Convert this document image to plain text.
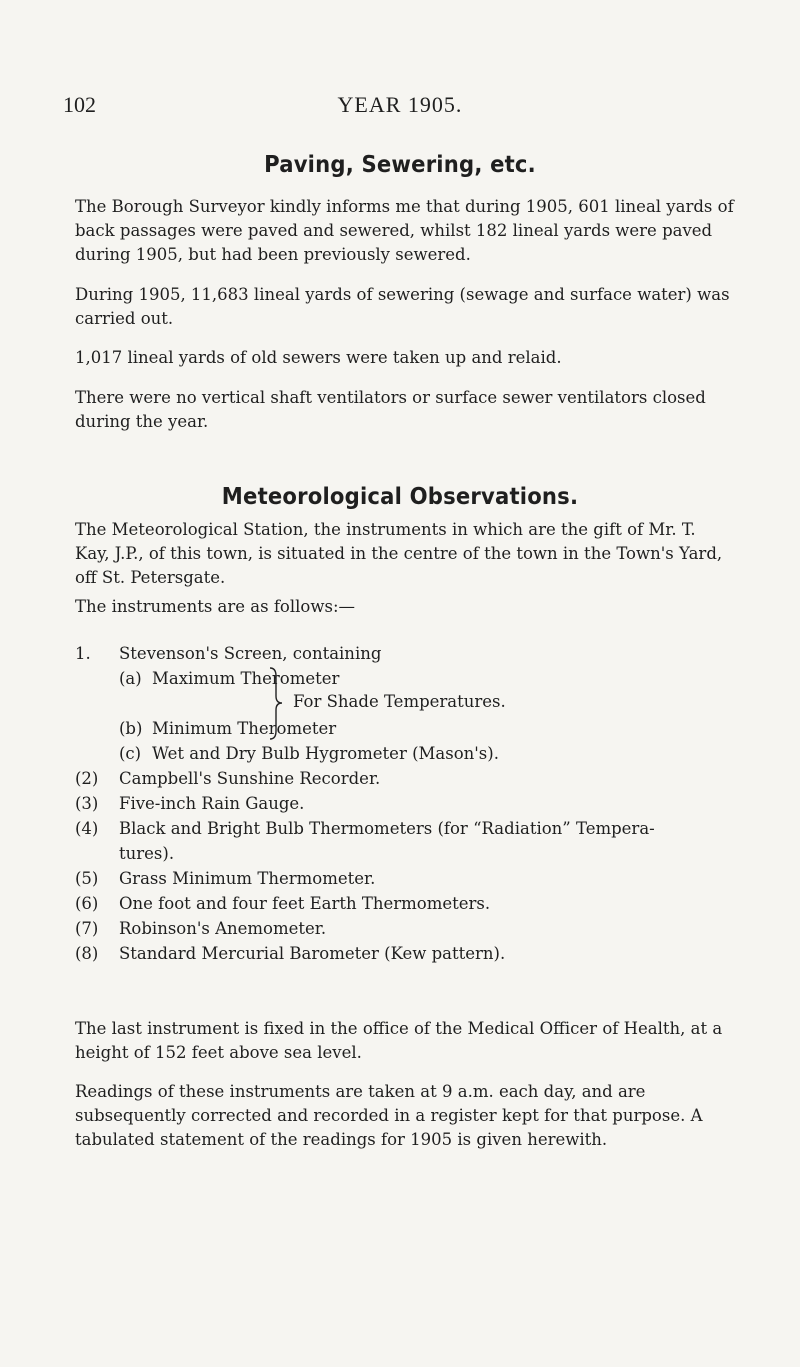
102	YEAR 1905.
Paving, Sewering, etc.

The Borough Surveyor kindly informs me that during 1905, 601 lineal yards of back passages were paved and sewered, whilst 182 lineal yards were paved during 1905, but had been previously sewered.

During 1905, 11,683 lineal yards of sewering (sewage and surface water) was carried out.

1,017 lineal yards of old sewers were taken up and relaid.

There were no vertical shaft ventilators or surface sewer ventilators closed during the year.

Meteorological Observations.

The Meteorological Station, the instruments in which are the gift of Mr. T. Kay, J.P., of this town, is situated in the centre of the town in the Town's Yard, off St. Petersgate.

The instruments are as follows:—

1. Stevenson's Screen, containing
(a) Maximum Therometer
(b) Minimum Therometer
(c) Wet and Dry Bulb Hygrometer (Mason's).
(2) Campbell's Sunshine Recorder.
(3) Five-inch Rain Gauge.
(4) Black and Bright Bulb Thermometers (for “Radiation” Tempera-
tures).
(5) Grass Minimum Thermometer.
(6) One foot and four feet Earth Thermometers.
(7) Robinson's Anemometer.
(8) Standard Mercurial Barometer (Kew pattern).
For Shade Temperatures.

The last instrument is fixed in the office of the Medical Officer of Health, at a height of 152 feet above sea level.

Readings of these instruments are taken at 9 a.m. each day, and are subsequently corrected and recorded in a register kept for that purpose. A tabulated statement of the readings for 1905 is given herewith.
